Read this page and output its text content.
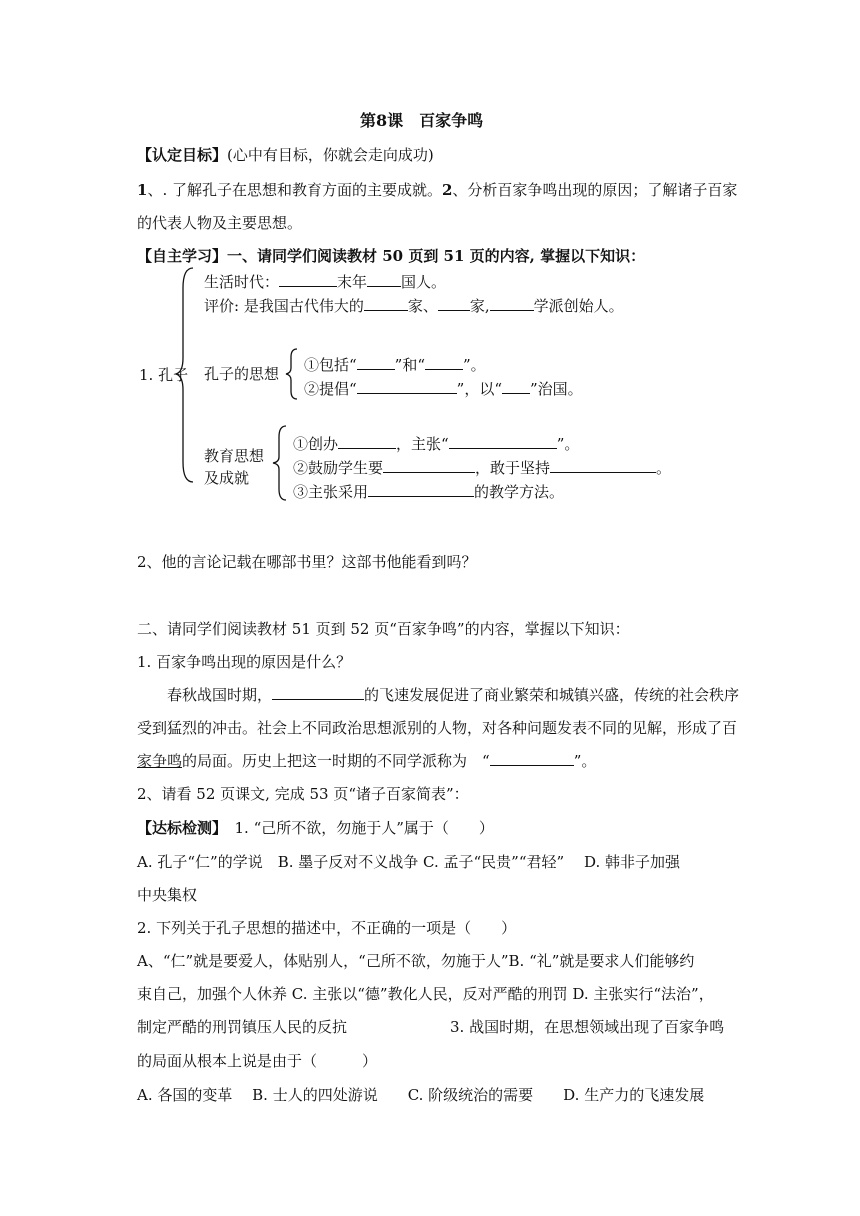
第8课　百家争鸣
【认定目标】(心中有目标，你就会走向成功)
1、. 了解孔子在思想和教育方面的主要成就。2、分析百家争鸣出现的原因；了解诸子百家
的代表人物及主要思想。
【自主学习】一、请同学们阅读教材 50 页到 51 页的内容, 掌握以下知识：
生活时代：	末年 国人。
评价: 是我国古代伟大的	家、 家,	学派创始人。
1. 孔子 孔子的思想 ①包括“	”和“	”。
②提倡“	”，以“ ”治国。
教育思想
及成就
①创办	，主张“	”。
②鼓励学生要	，敢于坚持	。
③主张采用	的教学方法。
2、他的言论记载在哪部书里？这部书他能看到吗？
二、请同学们阅读教材 51 页到 52 页“百家争鸣”的内容，掌握以下知识：
1. 百家争鸣出现的原因是什么？
春秋战国时期，	的飞速发展促进了商业繁荣和城镇兴盛，传统的社会秩序
受到猛烈的冲击。社会上不同政治思想派别的人物，对各种问题发表不同的见解，形成了百
家争鸣的局面。历史上把这一时期的不同学派称为　“	”。
2、请看 52 页课文, 完成 53 页“诸子百家简表”：
【达标检测】　1. “己所不欲，勿施于人”属于（　　）
A. 孔子“仁”的学说　B. 墨子反对不义战争 C. 孟子“民贵”“君轻”　 D. 韩非子加强
中央集权
2. 下列关于孔子思想的描述中，不正确的一项是（　　）
A、“仁”就是要爱人，体贴别人，“己所不欲，勿施于人”B. “礼”就是要求人们能够约
束自己，加强个人休养 C. 主张以“德”教化人民，反对严酷的刑罚 D. 主张实行“法治”，
制定严酷的刑罚镇压人民的反抗	3. 战国时期，在思想领域出现了百家争鸣
的局面从根本上说是由于（　　　）
A. 各国的变革　 B. 士人的四处游说　　C. 阶级统治的需要　　D. 生产力的飞速发展
